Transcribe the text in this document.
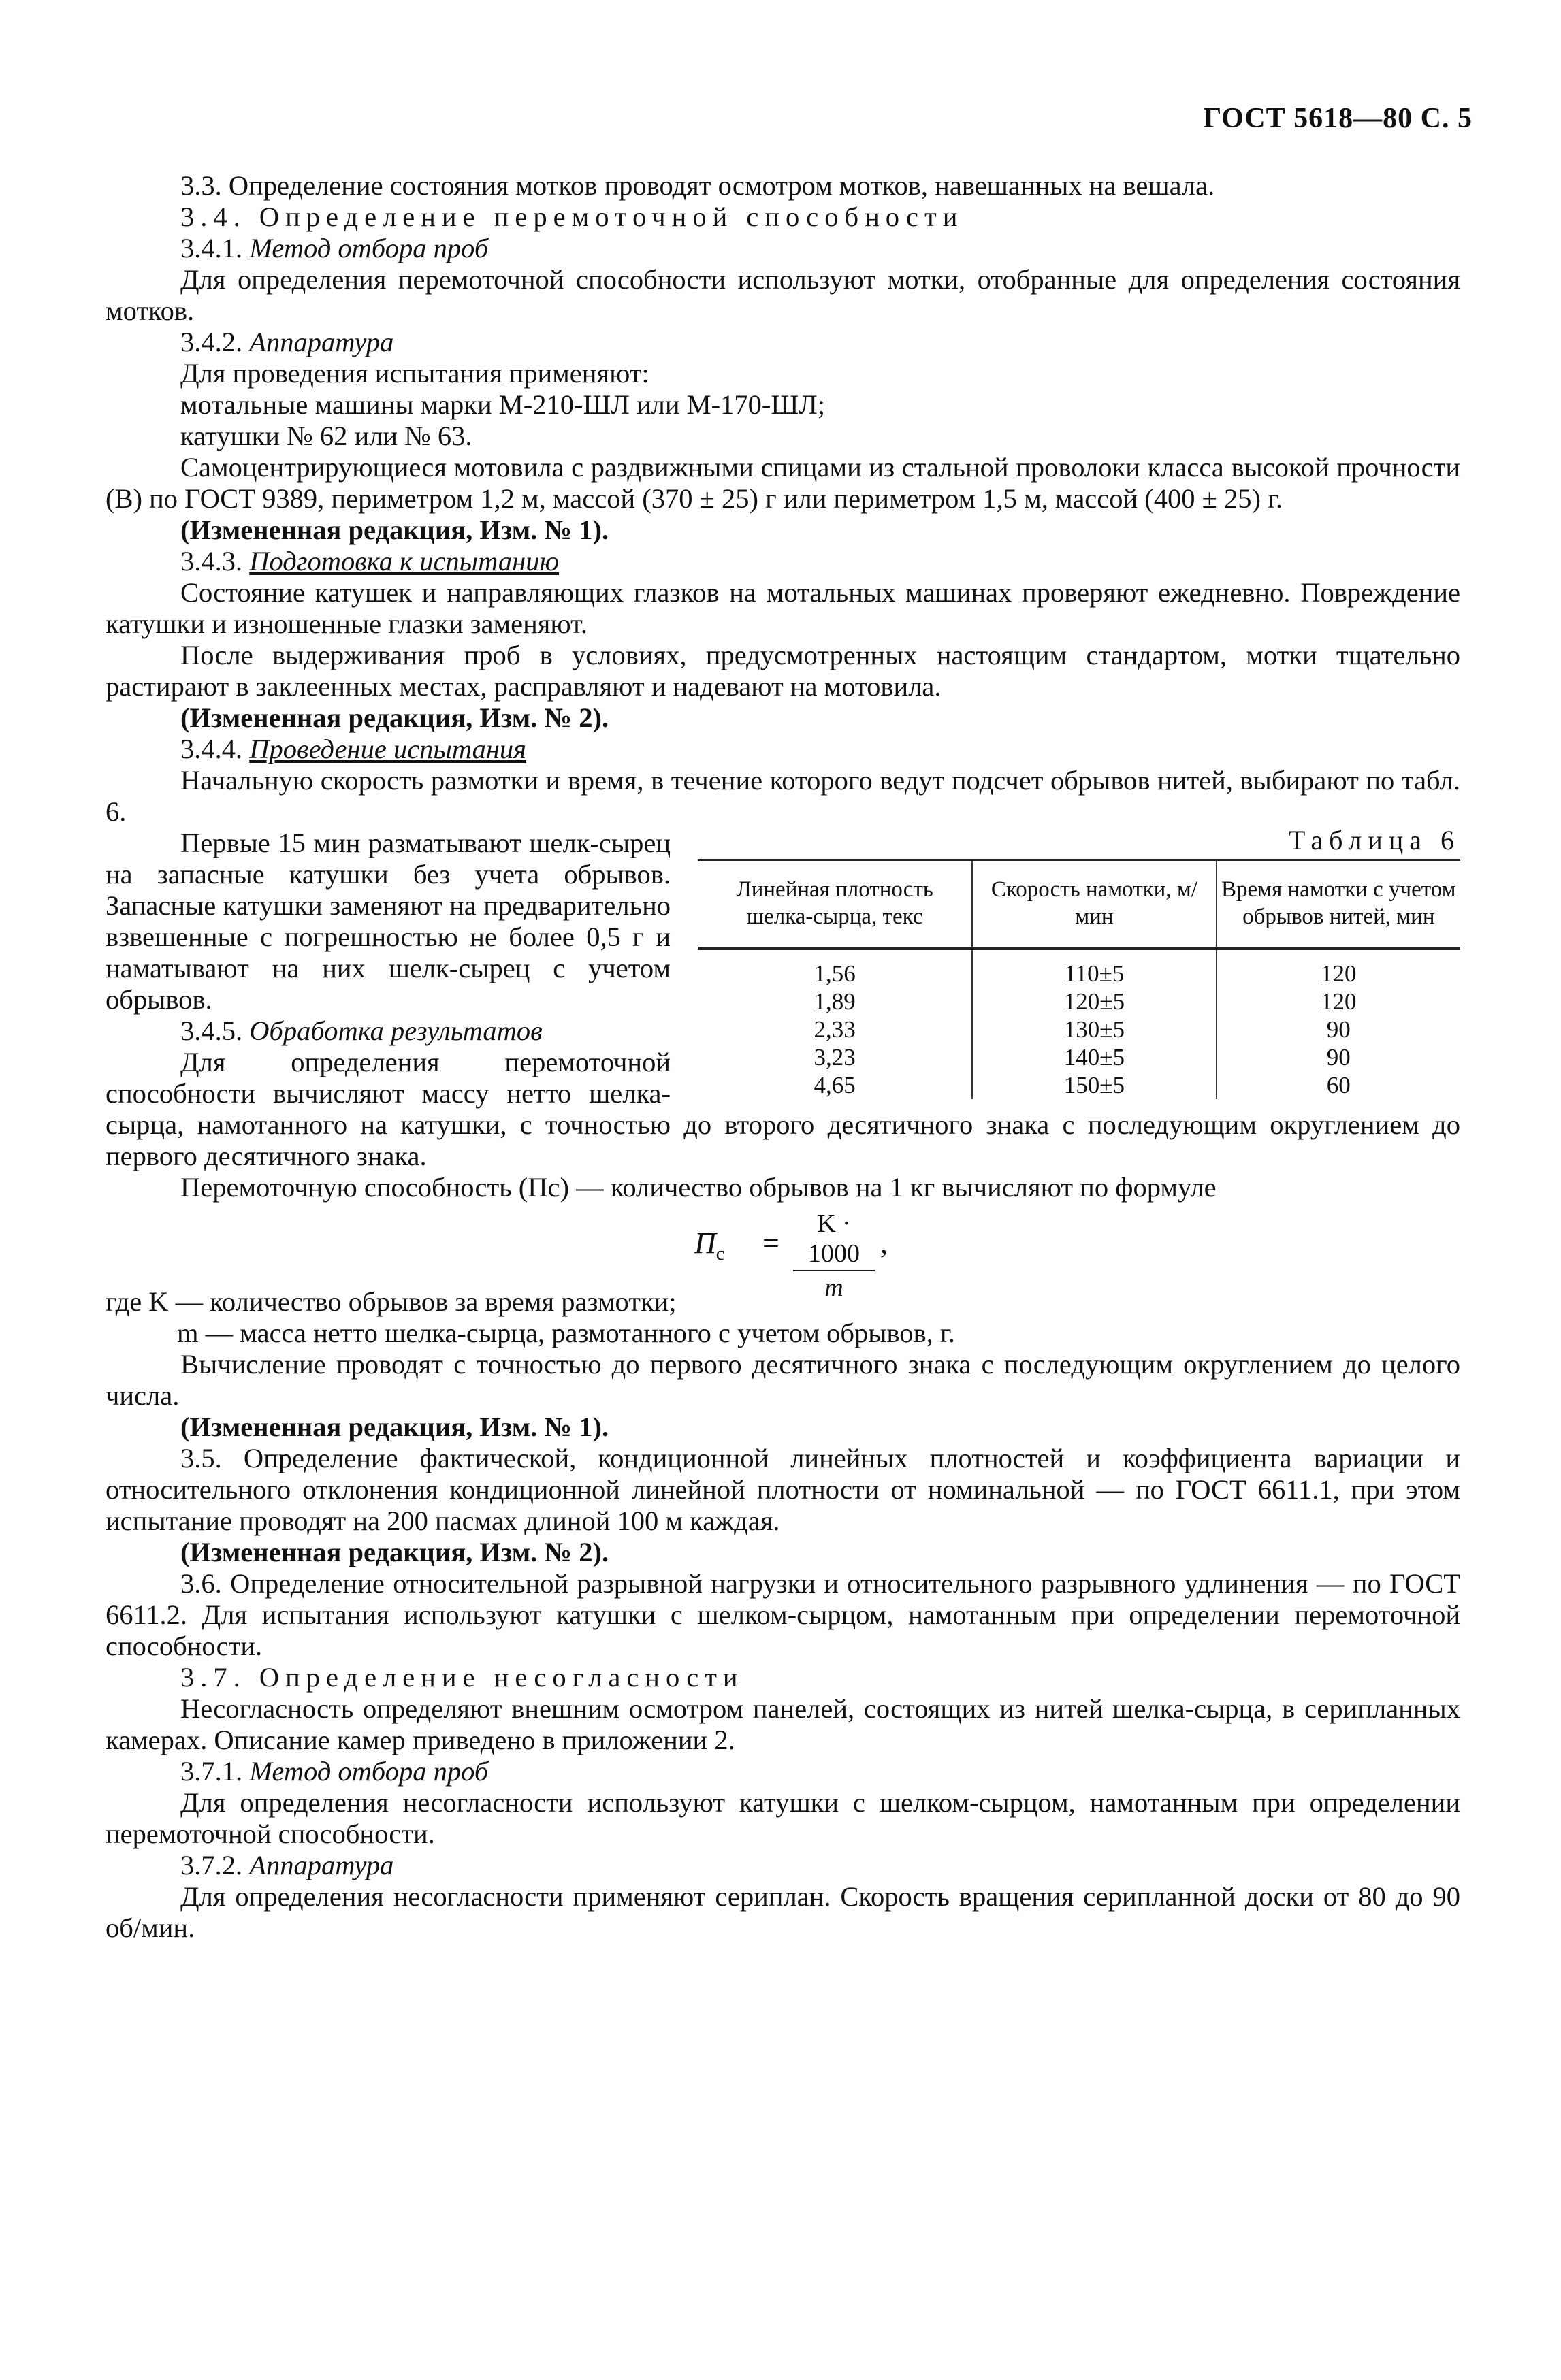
ГОСТ 5618—80 С. 5

3.3. Определение состояния мотков проводят осмотром мотков, навешанных на вешала.

3.4. Определение перемоточной способности

3.4.1. Метод отбора проб

Для определения перемоточной способности используют мотки, отобранные для определения состояния мотков.

3.4.2. Аппаратура

Для проведения испытания применяют:

мотальные машины марки М-210-ШЛ или М-170-ШЛ;

катушки № 62 или № 63.

Самоцентрирующиеся мотовила с раздвижными спицами из стальной проволоки класса высокой прочности (В) по ГОСТ 9389, периметром 1,2 м, массой (370 ± 25) г или периметром 1,5 м, массой (400 ± 25) г.

(Измененная редакция, Изм. № 1).

3.4.3. Подготовка к испытанию

Состояние катушек и направляющих глазков на мотальных машинах проверяют ежедневно. Повреждение катушки и изношенные глазки заменяют.

После выдерживания проб в условиях, предусмотренных настоящим стандартом, мотки тщательно растирают в заклеенных местах, расправляют и надевают на мотовила.

(Измененная редакция, Изм. № 2).

3.4.4. Проведение испытания

Начальную скорость размотки и время, в течение которого ведут подсчет обрывов нитей, выбирают по табл. 6.

Таблица 6
Линейная плотность шелка-сырца, текс	Скорость намотки, м/мин	Время намотки с учетом обрывов нитей, мин
1,56	110±5	120
1,89	120±5	120
2,33	130±5	90
3,23	140±5	90
4,65	150±5	60

Первые 15 мин разматывают шелк-сырец на запасные катушки без учета обрывов. Запасные катушки заменяют на предварительно взвешенные с погрешностью не более 0,5 г и наматывают на них шелк-сырец с учетом обрывов.

3.4.5. Обработка результатов

Для определения перемоточной способности вычисляют массу нетто шелка-сырца, намотанного на катушки, с точностью до второго десятичного знака с последующим округлением до первого десятичного знака.

Перемоточную способность (Пс) — количество обрывов на 1 кг вычисляют по формуле

$П_с = \frac{K \cdot 1000}{m}$ ,

где K — количество обрывов за время размотки;

m — масса нетто шелка-сырца, размотанного с учетом обрывов, г.

Вычисление проводят с точностью до первого десятичного знака с последующим округлением до целого числа.

(Измененная редакция, Изм. № 1).

3.5. Определение фактической, кондиционной линейных плотностей и коэффициента вариации и относительного отклонения кондиционной линейной плотности от номинальной — по ГОСТ 6611.1, при этом испытание проводят на 200 пасмах длиной 100 м каждая.

(Измененная редакция, Изм. № 2).

3.6. Определение относительной разрывной нагрузки и относительного разрывного удлинения — по ГОСТ 6611.2. Для испытания используют катушки с шелком-сырцом, намотанным при определении перемоточной способности.

3.7. Определение несогласности

Несогласность определяют внешним осмотром панелей, состоящих из нитей шелка-сырца, в серипланных камерах. Описание камер приведено в приложении 2.

3.7.1. Метод отбора проб

Для определения несогласности используют катушки с шелком-сырцом, намотанным при определении перемоточной способности.

3.7.2. Аппаратура

Для определения несогласности применяют сериплан. Скорость вращения серипланной доски от 80 до 90 об/мин.
